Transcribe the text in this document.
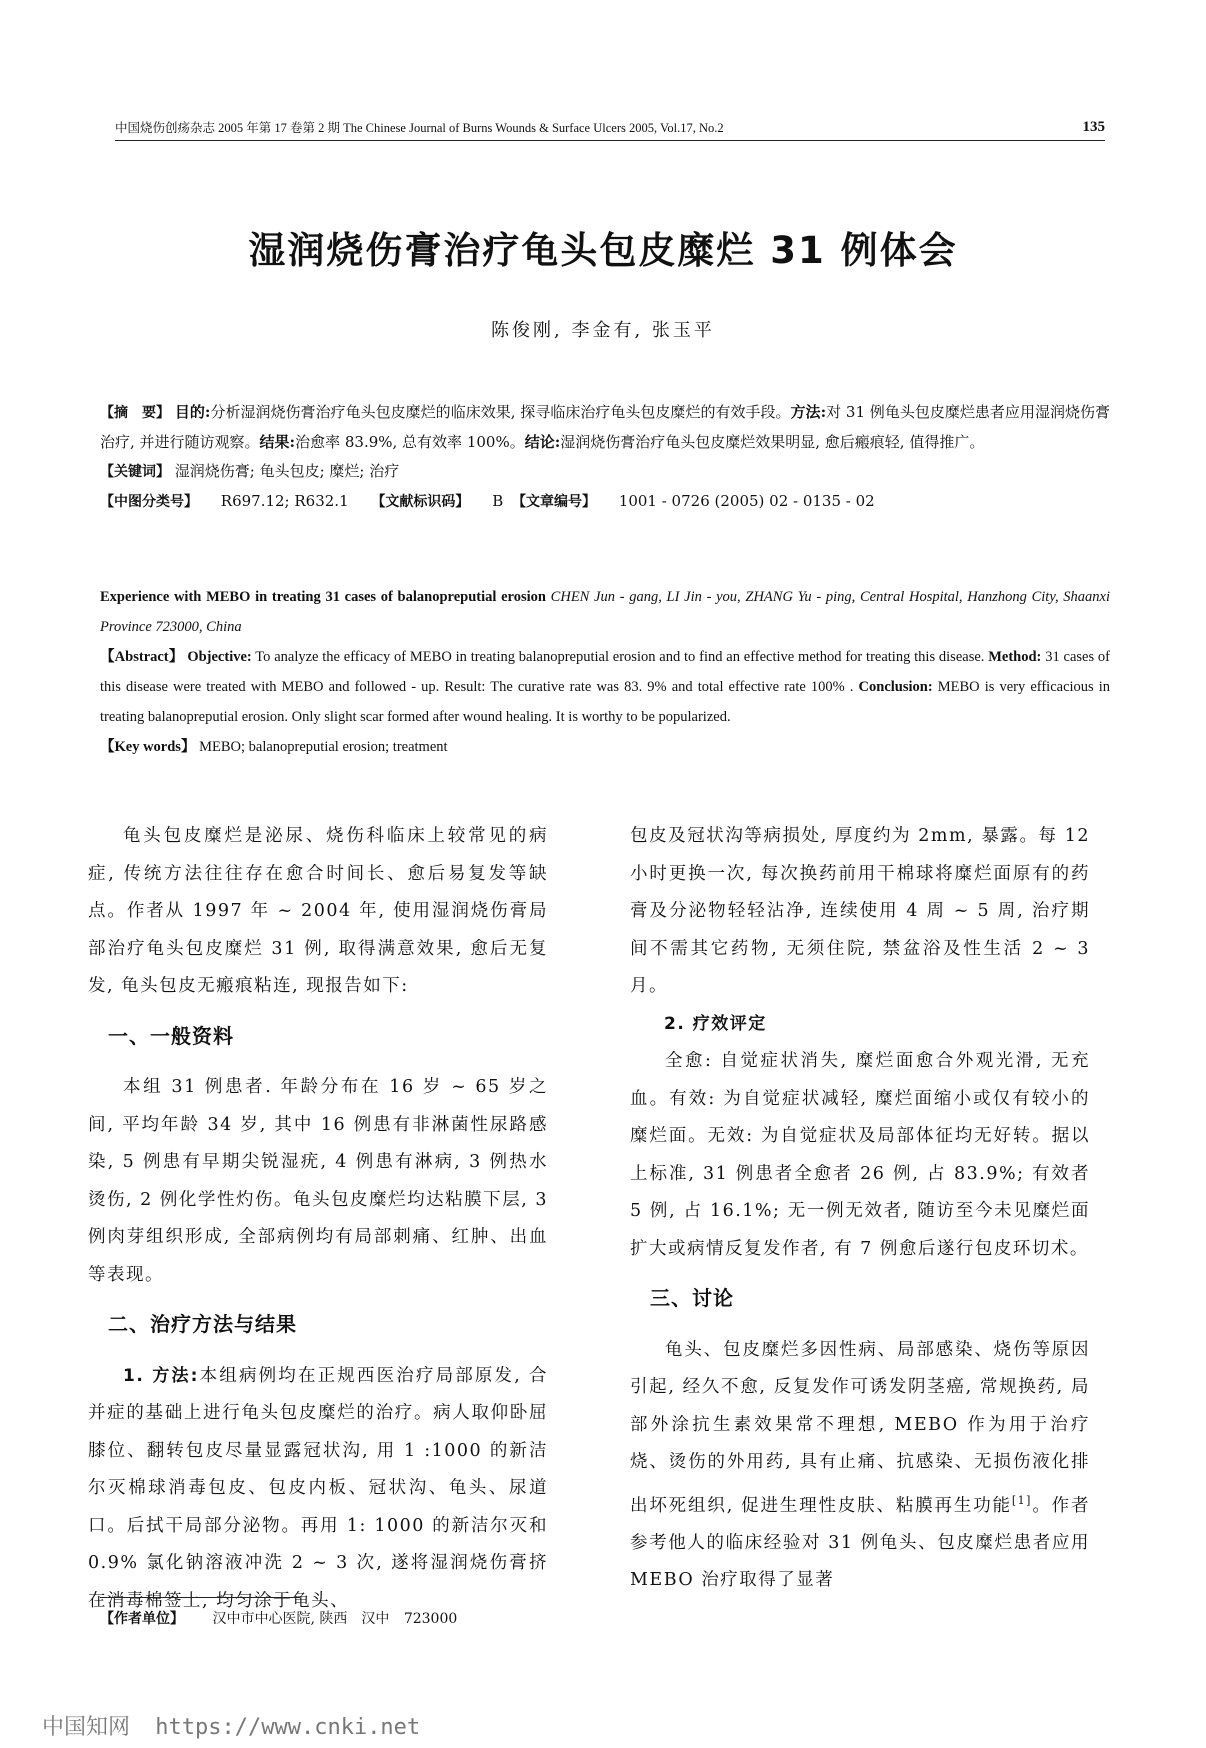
中国烧伤创疡杂志 2005 年第 17 卷第 2 期 The Chinese Journal of Burns Wounds & Surface Ulcers 2005, Vol.17, No.2	135
湿润烧伤膏治疗龟头包皮糜烂 31 例体会
陈俊刚, 李金有, 张玉平

【摘　要】 目的:分析湿润烧伤膏治疗龟头包皮糜烂的临床效果, 探寻临床治疗龟头包皮糜烂的有效手段。方法:对 31 例龟头包皮糜烂患者应用湿润烧伤膏治疗, 并进行随访观察。结果:治愈率 83.9%, 总有效率 100%。结论:湿润烧伤膏治疗龟头包皮糜烂效果明显, 愈后瘢痕轻, 值得推广。

【关键词】 湿润烧伤膏; 龟头包皮; 糜烂; 治疗

【中图分类号】 R697.12; R632.1 【文献标识码】 B 【文章编号】 1001 - 0726 (2005) 02 - 0135 - 02

Experience with MEBO in treating 31 cases of balanopreputial erosion CHEN Jun - gang, LI Jin - you, ZHANG Yu - ping, Central Hospital, Hanzhong City, Shaanxi Province 723000, China

【Abstract】 Objective: To analyze the efficacy of MEBO in treating balanopreputial erosion and to find an effective method for treating this disease. Method: 31 cases of this disease were treated with MEBO and followed - up. Result: The curative rate was 83. 9% and total effective rate 100% . Conclusion: MEBO is very efficacious in treating balanopreputial erosion. Only slight scar formed after wound healing. It is worthy to be popularized.

【Key words】 MEBO; balanopreputial erosion; treatment

龟头包皮糜烂是泌尿、烧伤科临床上较常见的病症, 传统方法往往存在愈合时间长、愈后易复发等缺点。作者从 1997 年 ~ 2004 年, 使用湿润烧伤膏局部治疗龟头包皮糜烂 31 例, 取得满意效果, 愈后无复发, 龟头包皮无瘢痕粘连, 现报告如下:

一、一般资料

本组 31 例患者. 年龄分布在 16 岁 ~ 65 岁之间, 平均年龄 34 岁, 其中 16 例患有非淋菌性尿路感染, 5 例患有早期尖锐湿疣, 4 例患有淋病, 3 例热水烫伤, 2 例化学性灼伤。龟头包皮糜烂均达粘膜下层, 3 例肉芽组织形成, 全部病例均有局部刺痛、红肿、出血等表现。

二、治疗方法与结果

1. 方法:本组病例均在正规西医治疗局部原发, 合并症的基础上进行龟头包皮糜烂的治疗。病人取仰卧屈膝位、翻转包皮尽量显露冠状沟, 用 1 :1000 的新洁尔灭棉球消毒包皮、包皮内板、冠状沟、龟头、尿道口。后拭干局部分泌物。再用 1: 1000 的新洁尔灭和 0.9% 氯化钠溶液冲洗 2 ~ 3 次, 遂将湿润烧伤膏挤在消毒棉签上, 均匀涂于龟头、

包皮及冠状沟等病损处, 厚度约为 2mm, 暴露。每 12 小时更换一次, 每次换药前用干棉球将糜烂面原有的药膏及分泌物轻轻沾净, 连续使用 4 周 ~ 5 周, 治疗期间不需其它药物, 无须住院, 禁盆浴及性生活 2 ~ 3 月。

2. 疗效评定

全愈: 自觉症状消失, 糜烂面愈合外观光滑, 无充血。有效: 为自觉症状减轻, 糜烂面缩小或仅有较小的糜烂面。无效: 为自觉症状及局部体征均无好转。据以上标准, 31 例患者全愈者 26 例, 占 83.9%; 有效者 5 例, 占 16.1%; 无一例无效者, 随访至今未见糜烂面扩大或病情反复发作者, 有 7 例愈后遂行包皮环切术。

三、讨论

龟头、包皮糜烂多因性病、局部感染、烧伤等原因引起, 经久不愈, 反复发作可诱发阴茎癌, 常规换药, 局部外涂抗生素效果常不理想, MEBO 作为用于治疗烧、烫伤的外用药, 具有止痛、抗感染、无损伤液化排出坏死组织, 促进生理性皮肤、粘膜再生功能[1]。作者参考他人的临床经验对 31 例龟头、包皮糜烂患者应用 MEBO 治疗取得了显著

【作者单位】 汉中市中心医院, 陕西　汉中 723000
中国知网 https://www.cnki.net
